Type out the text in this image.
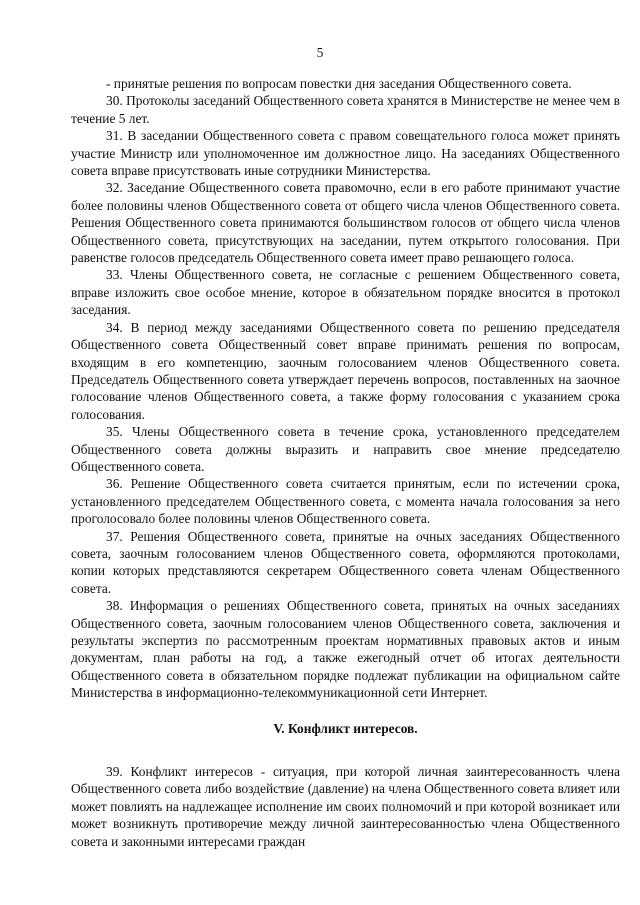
5

- принятые решения по вопросам повестки дня заседания Общественного совета.

30. Протоколы заседаний Общественного совета хранятся в Министерстве не менее чем в течение 5 лет.

31. В заседании Общественного совета с правом совещательного голоса может принять участие Министр или уполномоченное им должностное лицо. На заседаниях Общественного совета вправе присутствовать иные сотрудники Министерства.

32. Заседание Общественного совета правомочно, если в его работе принимают участие более половины членов Общественного совета от общего числа членов Общественного совета. Решения Общественного совета принимаются большинством голосов от общего числа членов Общественного совета, присутствующих на заседании, путем открытого голосования. При равенстве голосов председатель Общественного совета имеет право решающего голоса.

33. Члены Общественного совета, не согласные с решением Общественного совета, вправе изложить свое особое мнение, которое в обязательном порядке вносится в протокол заседания.

34. В период между заседаниями Общественного совета по решению председателя Общественного совета Общественный совет вправе принимать решения по вопросам, входящим в его компетенцию, заочным голосованием членов Общественного совета. Председатель Общественного совета утверждает перечень вопросов, поставленных на заочное голосование членов Общественного совета, а также форму голосования с указанием срока голосования.

35. Члены Общественного совета в течение срока, установленного председателем Общественного совета должны выразить и направить свое мнение председателю Общественного совета.

36. Решение Общественного совета считается принятым, если по истечении срока, установленного председателем Общественного совета, с момента начала голосования за него проголосовало более половины членов Общественного совета.

37. Решения Общественного совета, принятые на очных заседаниях Общественного совета, заочным голосованием членов Общественного совета, оформляются протоколами, копии которых представляются секретарем Общественного совета членам Общественного совета.

38. Информация о решениях Общественного совета, принятых на очных заседаниях Общественного совета, заочным голосованием членов Общественного совета, заключения и результаты экспертиз по рассмотренным проектам нормативных правовых актов и иным документам, план работы на год, а также ежегодный отчет об итогах деятельности Общественного совета в обязательном порядке подлежат публикации на официальном сайте Министерства в информационно-телекоммуникационной сети Интернет.

V. Конфликт интересов.

39. Конфликт интересов - ситуация, при которой личная заинтересованность члена Общественного совета либо воздействие (давление) на члена Общественного совета влияет или может повлиять на надлежащее исполнение им своих полномочий и при которой возникает или может возникнуть противоречие между личной заинтересованностью члена Общественного совета и законными интересами граждан
